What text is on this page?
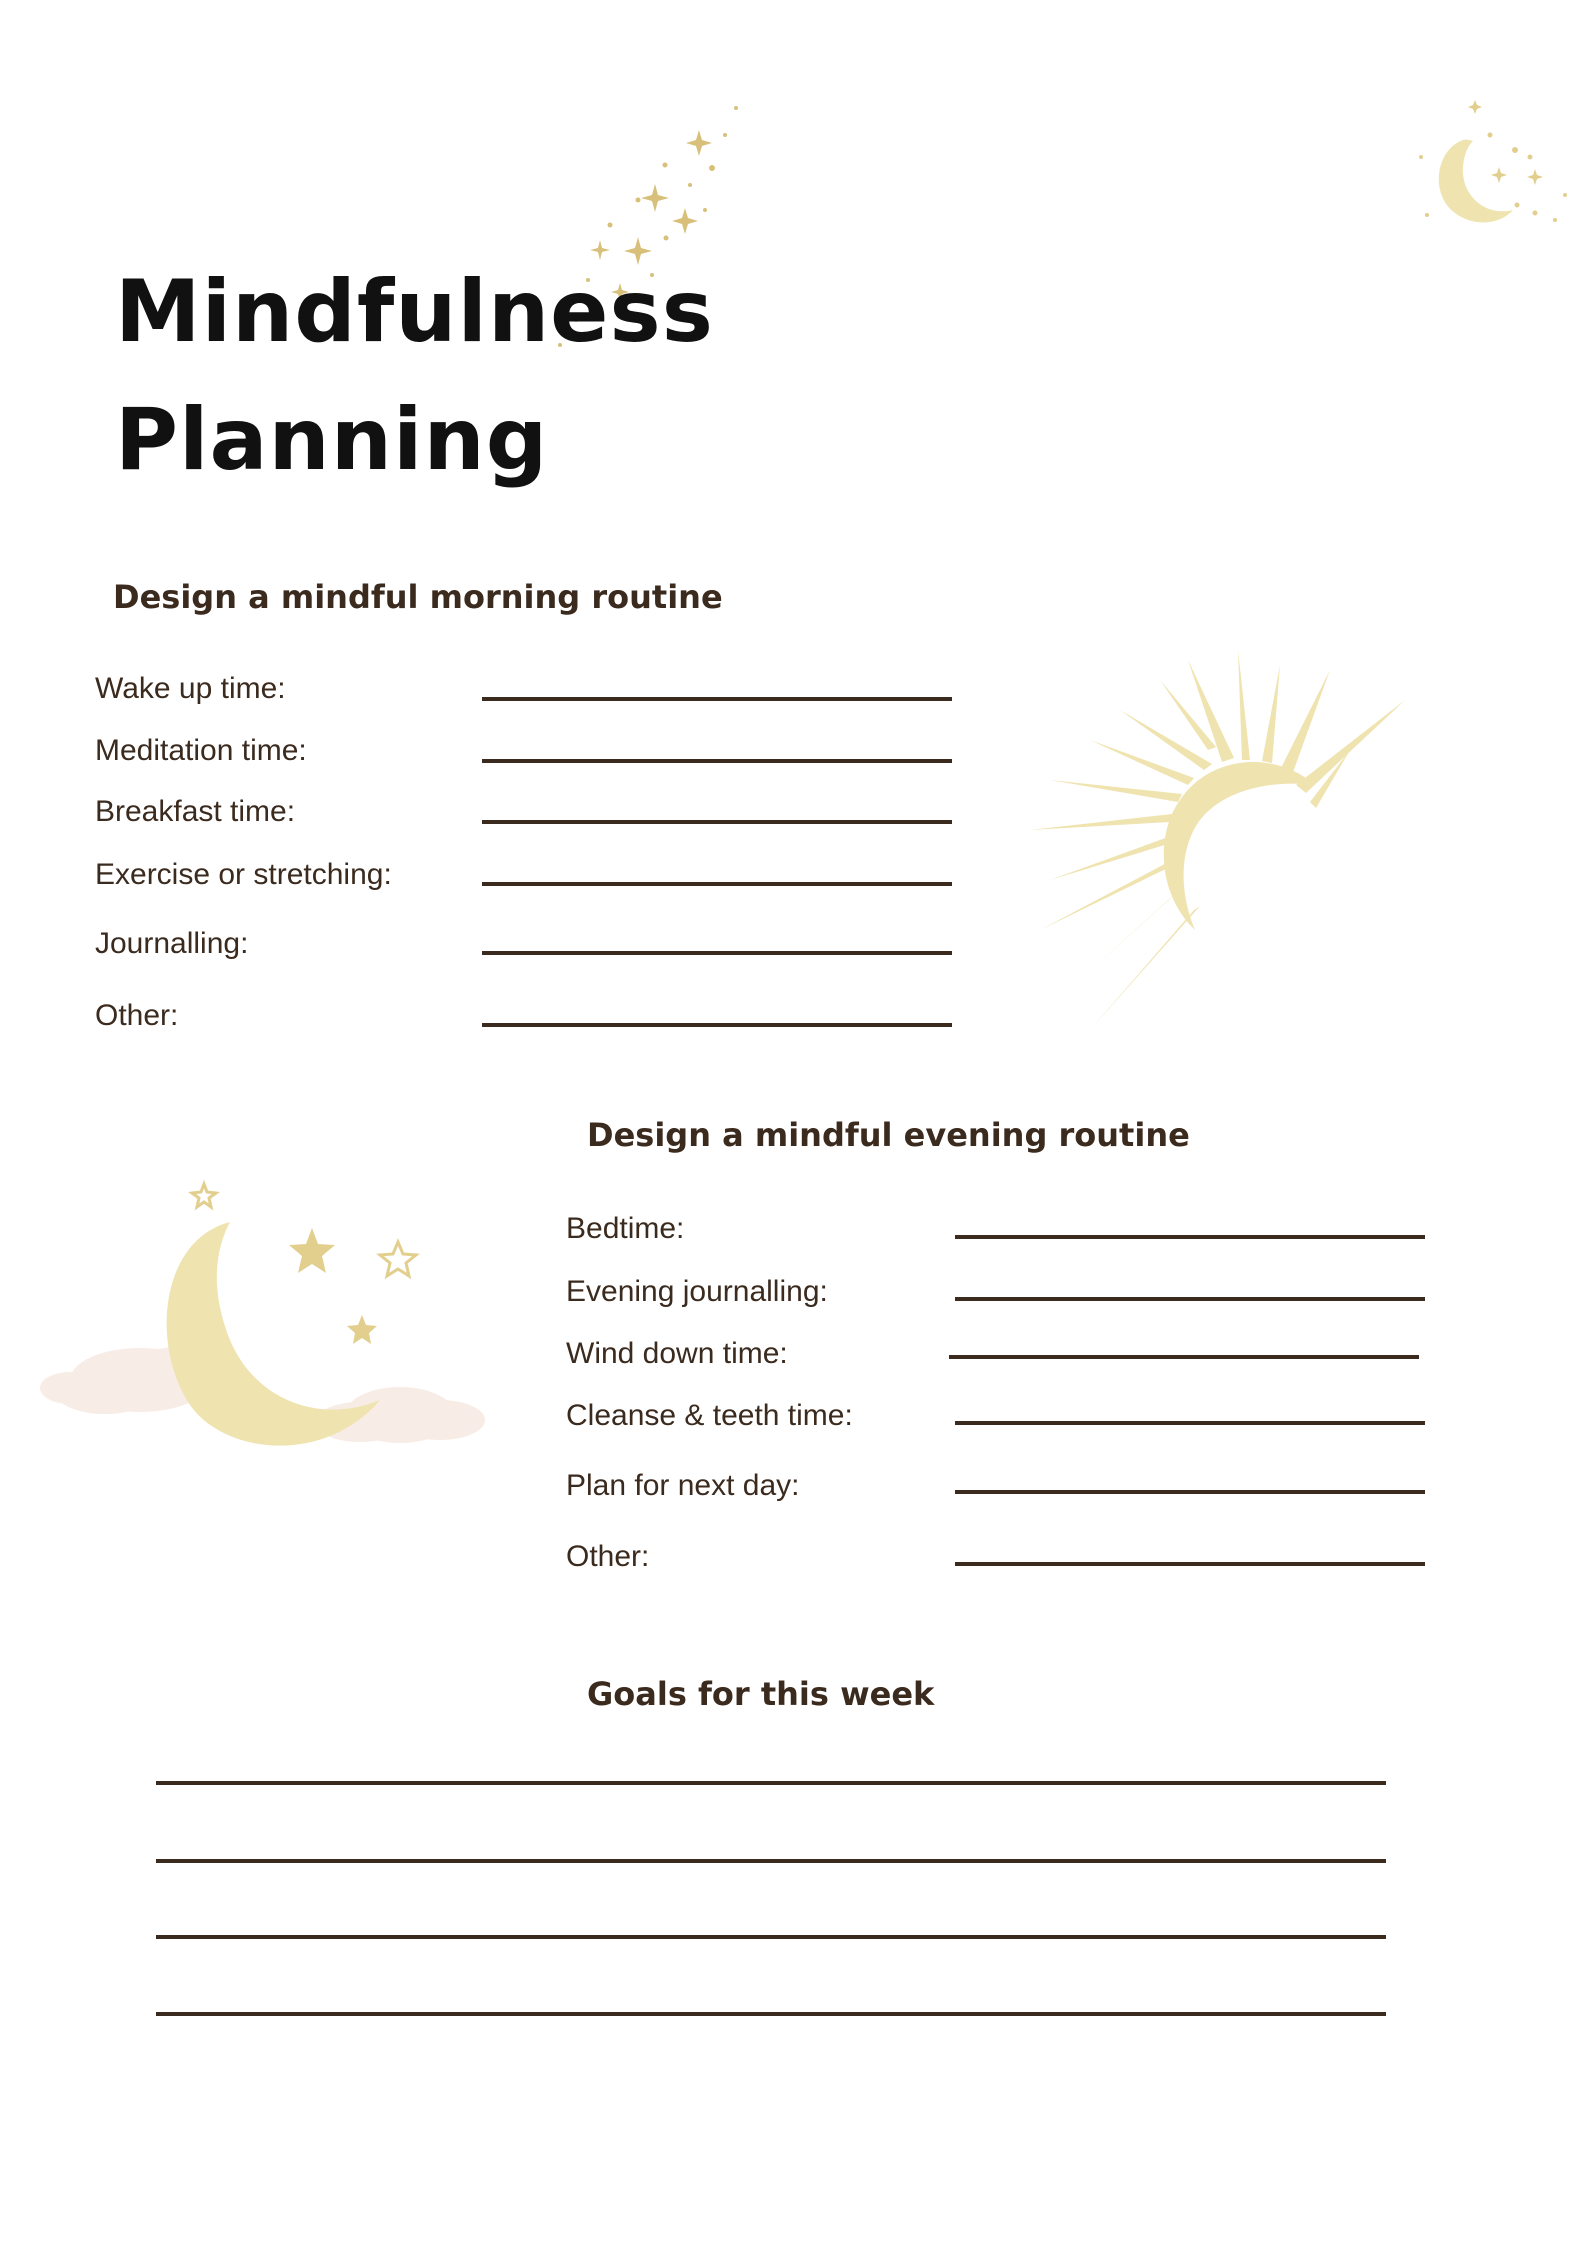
Mindfulness
Planning
Design a mindful morning routine
Wake up time:
Meditation time:
Breakfast time:
Exercise or stretching:
Journalling:
Other:
Design a mindful evening routine
Bedtime:
Evening journalling:
Wind down time:
Cleanse & teeth time:
Plan for next day:
Other:
Goals for this week
